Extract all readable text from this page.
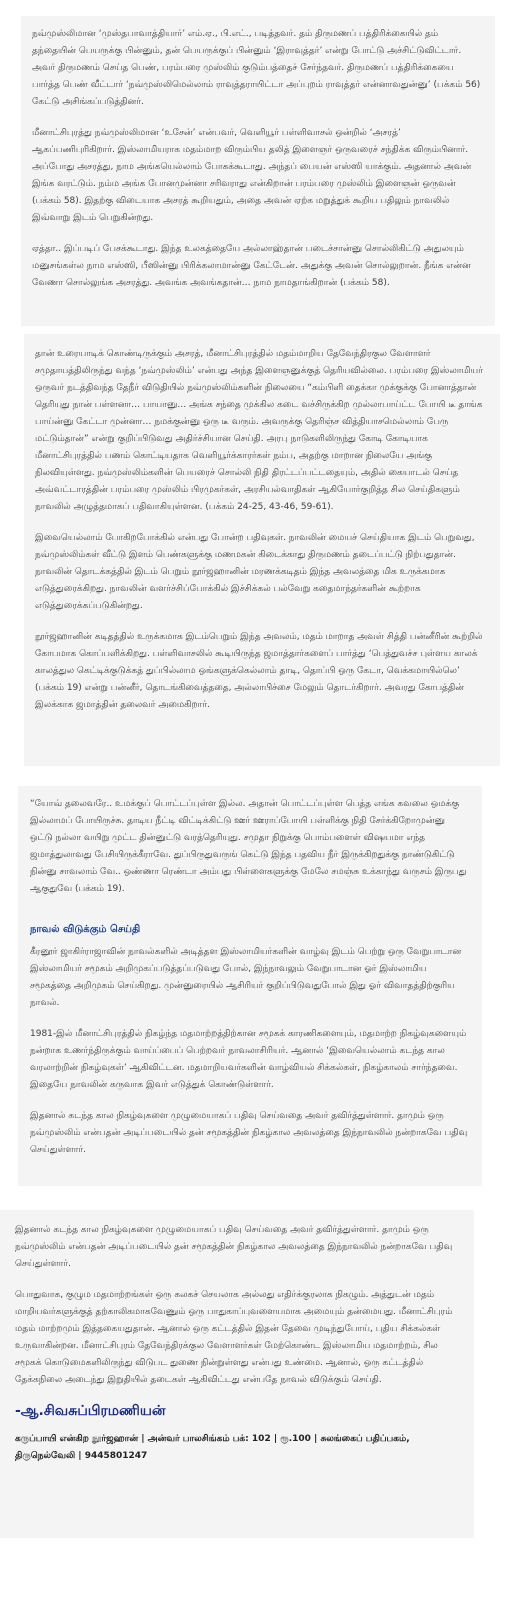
நவ்முஸ்லிமான ‘முஸ்தபாவாத்தியார்’ எம்.ஏ., பி.எட்., படித்தவர். தம் திருமணப் பத்திரிக்கையில் தம் தந்தையின் பெயருக்கு பின்னும், தன் பெயருக்குப் பின்னும் ‘இராவுத்தர்’ என்று போட்டு அச்சிட்டுவிட்டார். அவர் திருமணம் செய்த பெண், பரம்பரை முஸ்லிம் குடும்பத்தைச் சேர்ந்தவர். திருமணப் பத்திரிக்கையை பார்த்த பெண் வீட்டார் ‘நவ்முஸ்லிமெல்லாம் ராவுத்தராயிட்டா அப்புறம் ராவுத்தர் என்னாவதுன்னு’ (பக்கம் 56) கேட்டு அசிங்கப்படுத்தினர்.

மீனாட்சிபுரத்து நவ்முஸ்லிமான ‘உசேன்’ என்பவர், வெளியூர் பள்ளிவாசல் ஒன்றில் ‘அசரத்’ ஆகப்பணிபுரிகிறார். இஸ்லாமியராக மதம்மாற விரும்பிய தலித் இளைஞர் ஒருவரைச் சந்திக்க விரும்பினார். அப்போது அசரத்து, நாம அங்கயெல்லாம் போகக்கூடாது. அந்தப் பையன் எஸ்ஸி யாக்கும். அதனால் அவன் இங்க வரட்டும். நம்ம அங்க போனமுன்னா சரிவராது என்கிறான் பரம்பரை முஸ்லிம் இளைஞன் ஒருவன் (பக்கம் 58). இதற்கு விடையாக அசரத் கூறியதும், அதை அவன் ஏற்க மறுத்துக் கூறிய பதிலும் நாவலில் இவ்வாறு இடம் பெறுகின்றது.

ஏத்தா.. இப்படிப் பேசக்கூடாது. இந்த உலகத்தையே அல்லாஹ்தான் படைச்சான்னு சொல்லிகிட்டு அதுலயும் மனுசங்கள்ல நாம எஸ்ஸி, பீஸின்னு பிரிக்கலாமான்னு கேட்டேன். அதுக்கு அவன் சொல்லுறான். நீங்க என்ன வேணா சொல்லுங்க அசரத்து. அவங்க அவங்கதான்… நாம நாமதாங்கிறான் (பக்கம் 58).

தான் உரையாடிக் கொண்டிருக்கும் அசரத், மீனாட்சிபுரத்தில் மதம்மாறிய தேவேந்திரகுல வேளாளர் சமுதாயத்திலிருந்து வந்த ‘நவ்முஸ்லிம்’ என்பது அந்த இளைஞனுக்குத் தெரியவில்லை. பரம்பரை இஸ்லாமியர் ஒருவர் நடத்திவந்த தேநீர் விடுதியில் நவ்முஸ்லிம்களின் நிலையை “கம்பிளி தைக்கா முக்குக்கு போனாத்தான் தெரியுது நான் பள்ளனா… பாயானு… அங்க சந்தை முக்கில கடை வச்சிருக்கிற முல்லாபாய்ட்ட போயி டீ தாங்க பாய்ன்னு கேட்டா முன்னா… நமக்குன்னு ஒரு டீ வரும். அவருக்கு தெரிஞ்ச வித்தியாசமெல்லாம் பேரு மட்டும்தான்” என்று குறிப்பிடுவது அதிர்ச்சியான செய்தி. அரபு நாடுகளிலிருந்து கோடி கோடியாக மீனாட்சிபுரத்தில் பணம் கொட்டியதாக வெளியூர்க்காரர்கள் நம்ப, அதற்கு மாறான நிலையே அங்கு நிலவியுள்ளது. நவ்முஸ்லிம்களின் பெயரைச் சொல்லி நிதி திரட்டப்பட்டதையும், அதில் கையாடல் செய்த அவ்வட்டாரத்தின் பரம்பரை முஸ்லிம் பிரமுகர்கள், அரசியல்வாதிகள் ஆகியோர்குறித்த சில செய்திகளும் நாவலில் அழுத்தமாகப் பதிவாகியுள்ளன. (பக்கம் 24-25, 43-46, 59-61).

இவையெல்லாம் போகிறபோக்கில் என்பது போன்ற பதிவுகள். நாவலின் மையச் செய்தியாக இடம் பெறுவது, நவ்முஸ்லிம்கள் வீட்டு இளம் பெண்களுக்கு மணமகன் கிடைக்காது திருமணம் தடைப்பட்டு நிற்பதுதான். நாவலின் தொடக்கத்தில் இடம் பெறும் நூர்ஜஹானின் மரணக்கடிதம் இந்த அவலத்தை மிக உருக்கமாக எடுத்துரைக்கிறது. நாவலின் வளர்ச்சிப்போக்கில் இச்சிக்கல் பல்வேறு கதைமாந்தர்களின் கூற்றாக எடுத்துரைக்கப்படுகின்றது.

நூர்ஜஹானின் கடிதத்தில் உருக்கமாக இடம்பெறும் இந்த அவலம், மதம் மாறாத அவள் சித்தி பன்னீரின் கூற்றில் கோபமாக கொப்பளிக்கிறது. பள்ளிவாசலில் கூடியிருந்த ஜமாத்தார்களைப் பார்த்து ‘பெத்துவச்ச புள்ளய காலக் காலத்துல கெட்டிக்குடுக்கத் துப்பில்லாம ஒங்களுக்கெல்லாம் தாடி, தொப்பி ஒரு கேடா, வெக்கமாயில்லெ’ (பக்கம் 19) என்று பன்னீர், தொடங்கிவைத்ததை, அல்லாபிச்சை மேலும் தொடர்கிறார். அவரது கோபத்தின் இலக்காக ஜமாத்தின் தலைவர் அமைகிறார்.

“யோவ் தலைவரே.. உமக்குப் பொட்டப்புள்ள இல்ல. அதான் பொட்டப்புள்ள பெத்த எங்க கவலை ஒமக்கு இல்லாமப் போயிருச்சு. தாடிய நீட்டி விட்டிக்கிட்டு ஊர் ஊராப்போயி பள்ளிக்கு நிதி சேர்க்கிறோமுன்னு ஒட்டு நல்லா வயிறு முட்ட தின்னுட்டு வரத்தெரியுது. சமுதா நிறுக்கு பொம்பளைள் விஷயமா எந்த ஜமாத்துலாவது பேசியிருக்கீராவே. துப்பிருதுவருங் கெட்டு இந்த பதவிய நீர் இருக்கிறதுக்கு நாண்டுகிட்டு நின்னு சாவலாம் வே.. ஒண்ணா ரெண்டா அம்பது பிள்ளைகளுக்கு மேலே சமஞ்சு உக்காந்து வருசம் இருபது ஆகுதுவே (பக்கம் 19).

நாவல் விடுக்கும் செய்தி

கீரனூர் ஜாகிர்ராஜாவின் நாவல்களில் அடித்தள இஸ்லாமியர்களின் வாழ்வு இடம் பெற்று ஒரு வேறுபாடான இஸ்லாமியர் சமூகம் அறிமுகப்படுத்தப்படுவது போல், இந்நாவலும் வேறுபாடான ஓர் இஸ்லாமிய சமூகத்தை அறிமுகம் செய்கிறது. முன்னுரையில் ஆசிரியர் குறிப்பிடுவதுபோல் இது ஓர் விவாதத்திற்குரிய நாவல்.

1981-இல் மீனாட்சிபுரத்தில் நிகழ்ந்த மதமாற்றத்திற்கான சமூகக் காரணிகளையும், மதமாற்ற நிகழ்வுகளையும் நன்றாக உணர்ந்திருக்கும் வாய்ப்பைப் பெற்றவர் நாவலாசிரியர். ஆனால் ‘இவையெல்லாம் கடந்த கால வரலாற்றின் நிகழ்வுகள்’ ஆகிவிட்டன. மதமாறியவர்களின் வாழ்வியல் சிக்கல்கள், நிகழ்காலம் சார்ந்தவை. இதையே நாவலின் கருவாக இவர் எடுத்துக் கொண்டுள்ளார்.

இதனால் கடந்த கால நிகழ்வுகளை முழுமையாகப் பதிவு செய்வதை அவர் தவிர்த்துள்ளார். தாமும் ஒரு நவ்முஸ்லிம் என்பதன் அடிப்படையில் தன் சமூகத்தின் நிகழ்கால அவலத்தை இந்நாவலில் நன்றாகவே பதிவு செய்துள்ளார்.

இதனால் கடந்த கால நிகழ்வுகளை முழுமையாகப் பதிவு செய்வதை அவர் தவிர்த்துள்ளார். தாமும் ஒரு நவ்முஸ்லிம் என்பதன் அடிப்படையில் தன் சமூகத்தின் நிகழ்கால அவலத்தை இந்நாவலில் நன்றாகவே பதிவு செய்துள்ளார்.

பொதுவாக, குழும மதமாற்றங்கள் ஒரு கலகச் செயலாக அல்லது எதிர்க்குரலாக நிகழும். அத்துடன் மதம் மாறியவர்களுக்குத் தற்காலிகமாகவேணும் ஒரு பாதுகாப்புவளையமாக அமையும் தன்மையது. மீனாட்சிபுரம் மதம் மாற்றமும் இத்தகையதுதான். ஆனால் ஒரு கட்டத்தில் இதன் தேவை முடிந்துபோய், புதிய சிக்கல்கள் உருவாகின்றன. மீனாட்சிபுரம் தேவேந்திரக்குல வேளாளர்கள் மேற்கொண்ட இஸ்லாமிய மதமாற்றம், சில சமூகக் கொடுமைகளிலிருந்து விடுபட துணை நின்றுள்ளது என்பது உண்மை. ஆனால், ஒரு கட்டத்தில் தேக்கநிலை அடைந்து இறுதியில் தடைகள் ஆகிவிட்டது என்பதே நாவல் விடுக்கும் செய்தி.

-ஆ.சிவசுப்பிரமணியன்
கருப்பாயி என்கிற நூர்ஜஹான் | அன்வர் பாலசிங்கம் பக்: 102 | ரூ.100 | சுலங்கைப் பதிப்பகம், திருநெல்வேலி | 9445801247
